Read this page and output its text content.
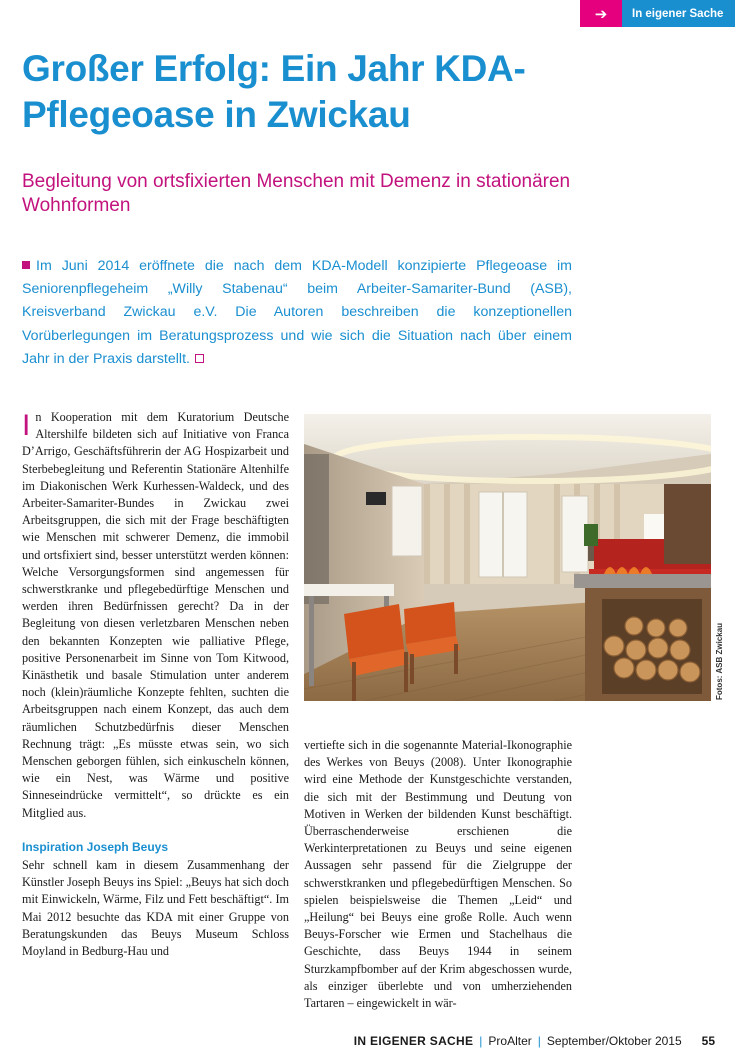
➔	In eigener Sache
Großer Erfolg: Ein Jahr KDA-Pflegeoase in Zwickau
Begleitung von ortsfixierten Menschen mit Demenz in stationären Wohnformen

Im Juni 2014 eröffnete die nach dem KDA-Modell konzipierte Pflegeoase im Seniorenpflegeheim „Willy Stabenau“ beim Arbeiter-Samariter-Bund (ASB), Kreisverband Zwickau e.V. Die Autoren beschreiben die konzeptionellen Vorüberlegungen im Beratungsprozess und wie sich die Situation nach über einem Jahr in der Praxis darstellt.

In Kooperation mit dem Kuratorium Deutsche Altershilfe bildeten sich auf Initiative von Franca D’Arrigo, Geschäftsführerin der AG Hospizarbeit und Sterbebegleitung und Referentin Stationäre Altenhilfe im Diakonischen Werk Kurhessen-Waldeck, und des Arbeiter-Samariter-Bundes in Zwickau zwei Arbeitsgruppen, die sich mit der Frage beschäftigten wie Menschen mit schwerer Demenz, die immobil und ortsfixiert sind, besser unterstützt werden können: Welche Versorgungsformen sind angemessen für schwerstkranke und pflegebedürftige Menschen und werden ihren Bedürfnissen gerecht? Da in der Begleitung von diesen verletzbaren Menschen neben den bekannten Konzepten wie palliative Pflege, positive Personenarbeit im Sinne von Tom Kitwood, Kinästhetik und basale Stimulation unter anderem noch (klein)räumliche Konzepte fehlten, suchten die Arbeitsgruppen nach einem Konzept, das auch dem räumlichen Schutzbedürfnis dieser Menschen Rechnung trägt: „Es müsste etwas sein, wo sich Menschen geborgen fühlen, sich einkuscheln können, wie ein Nest, was Wärme und positive Sinneseindrücke vermittelt“, so drückte es ein Mitglied aus.

Inspiration Joseph Beuys

Sehr schnell kam in diesem Zusammenhang der Künstler Joseph Beuys ins Spiel: „Beuys hat sich doch mit Einwickeln, Wärme, Filz und Fett beschäftigt“. Im Mai 2012 besuchte das KDA mit einer Gruppe von Beratungskunden das Beuys Museum Schloss Moyland in Bedburg-Hau und

Fotos: ASB Zwickau

vertiefte sich in die sogenannte Material-Ikonographie des Werkes von Beuys (2008). Unter Ikonographie wird eine Methode der Kunstgeschichte verstanden, die sich mit der Bestimmung und Deutung von Motiven in Werken der bildenden Kunst beschäftigt. Überraschenderweise erschienen die Werkinterpretationen zu Beuys und seine eigenen Aussagen sehr passend für die Zielgruppe der schwerstkranken und pflegebedürftigen Menschen. So spielen beispielsweise die Themen „Leid“ und „Heilung“ bei Beuys eine große Rolle. Auch wenn Beuys-Forscher wie Ermen und Stachelhaus die Geschichte, dass Beuys 1944 in seinem Sturzkampfbomber auf der Krim abgeschossen wurde, als einziger überlebte und von umherziehenden Tartaren – eingewickelt in wär-

IN EIGENER SACHE | ProAlter | September/Oktober 2015 55
